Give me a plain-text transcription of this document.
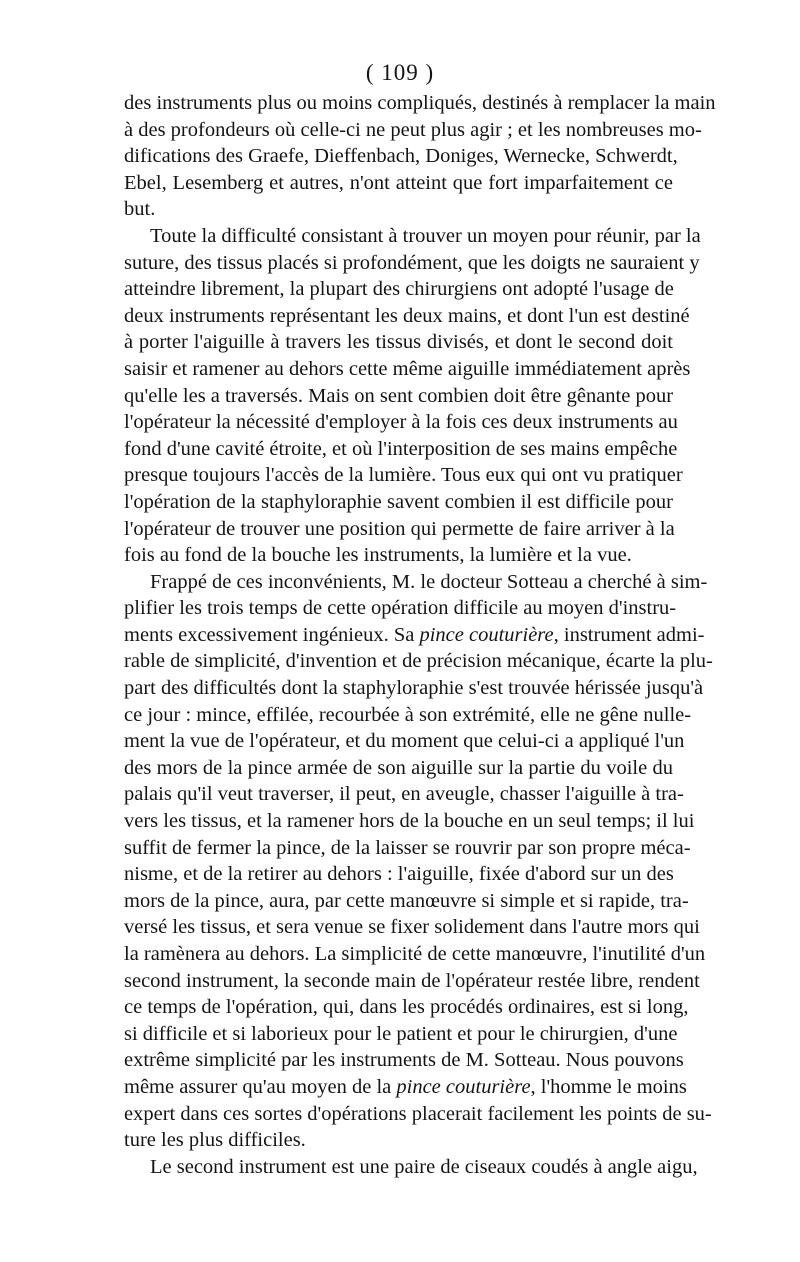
( 109 )
des instruments plus ou moins compliqués, destinés à remplacer la main
à des profondeurs où celle-ci ne peut plus agir ; et les nombreuses mo-
difications des Graefe, Dieffenbach, Doniges, Wernecke, Schwerdt,
Ebel, Lesemberg et autres, n'ont atteint que fort imparfaitement ce
but.
Toute la difficulté consistant à trouver un moyen pour réunir, par la
suture, des tissus placés si profondément, que les doigts ne sauraient y
atteindre librement, la plupart des chirurgiens ont adopté l'usage de
deux instruments représentant les deux mains, et dont l'un est destiné
à porter l'aiguille à travers les tissus divisés, et dont le second doit
saisir et ramener au dehors cette même aiguille immédiatement après
qu'elle les a traversés. Mais on sent combien doit être gênante pour
l'opérateur la nécessité d'employer à la fois ces deux instruments au
fond d'une cavité étroite, et où l'interposition de ses mains empêche
presque toujours l'accès de la lumière. Tous eux qui ont vu pratiquer
l'opération de la staphyloraphie savent combien il est difficile pour
l'opérateur de trouver une position qui permette de faire arriver à la
fois au fond de la bouche les instruments, la lumière et la vue.
Frappé de ces inconvénients, M. le docteur Sotteau a cherché à sim-
plifier les trois temps de cette opération difficile au moyen d'instru-
ments excessivement ingénieux. Sa pince couturière, instrument admi-
rable de simplicité, d'invention et de précision mécanique, écarte la plu-
part des difficultés dont la staphyloraphie s'est trouvée hérissée jusqu'à
ce jour : mince, effilée, recourbée à son extrémité, elle ne gêne nulle-
ment la vue de l'opérateur, et du moment que celui-ci a appliqué l'un
des mors de la pince armée de son aiguille sur la partie du voile du
palais qu'il veut traverser, il peut, en aveugle, chasser l'aiguille à tra-
vers les tissus, et la ramener hors de la bouche en un seul temps; il lui
suffit de fermer la pince, de la laisser se rouvrir par son propre méca-
nisme, et de la retirer au dehors : l'aiguille, fixée d'abord sur un des
mors de la pince, aura, par cette manœuvre si simple et si rapide, tra-
versé les tissus, et sera venue se fixer solidement dans l'autre mors qui
la ramènera au dehors. La simplicité de cette manœuvre, l'inutilité d'un
second instrument, la seconde main de l'opérateur restée libre, rendent
ce temps de l'opération, qui, dans les procédés ordinaires, est si long,
si difficile et si laborieux pour le patient et pour le chirurgien, d'une
extrême simplicité par les instruments de M. Sotteau. Nous pouvons
même assurer qu'au moyen de la pince couturière, l'homme le moins
expert dans ces sortes d'opérations placerait facilement les points de su-
ture les plus difficiles.
Le second instrument est une paire de ciseaux coudés à angle aigu,
